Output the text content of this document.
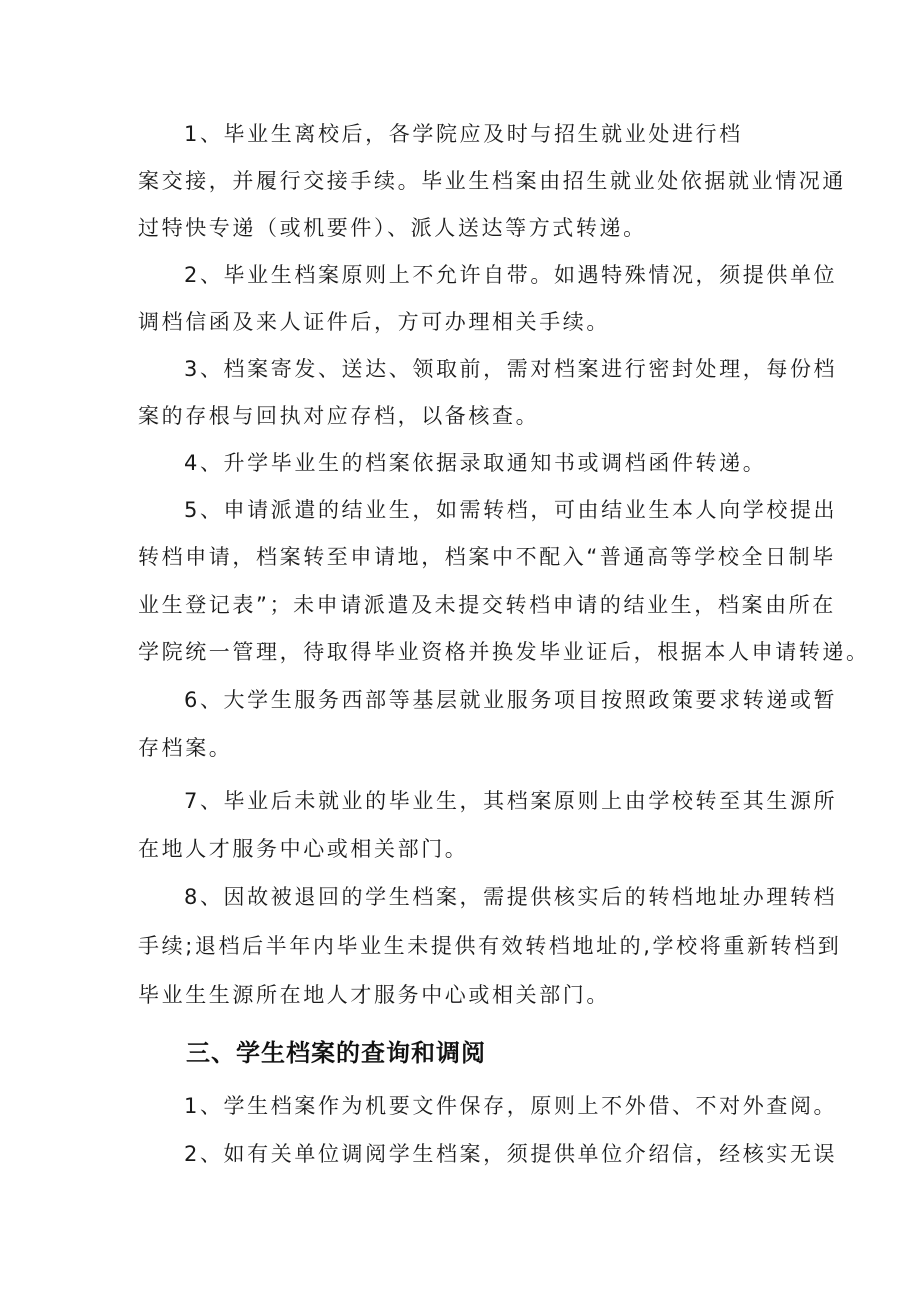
1、毕业生离校后，各学院应及时与招生就业处进行档

案交接，并履行交接手续。毕业生档案由招生就业处依据就业情况通

过特快专递（或机要件）、派人送达等方式转递。

2、毕业生档案原则上不允许自带。如遇特殊情况，须提供单位

调档信函及来人证件后，方可办理相关手续。

3、档案寄发、送达、领取前，需对档案进行密封处理，每份档

案的存根与回执对应存档，以备核查。

4、升学毕业生的档案依据录取通知书或调档函件转递。

5、申请派遣的结业生，如需转档，可由结业生本人向学校提出

转档申请，档案转至申请地，档案中不配入“普通高等学校全日制毕

业生登记表”；未申请派遣及未提交转档申请的结业生，档案由所在

学院统一管理，待取得毕业资格并换发毕业证后，根据本人申请转递。

6、大学生服务西部等基层就业服务项目按照政策要求转递或暂

存档案。

7、毕业后未就业的毕业生，其档案原则上由学校转至其生源所

在地人才服务中心或相关部门。

8、因故被退回的学生档案，需提供核实后的转档地址办理转档

手续;退档后半年内毕业生未提供有效转档地址的,学校将重新转档到

毕业生生源所在地人才服务中心或相关部门。

三、学生档案的查询和调阅

1、学生档案作为机要文件保存，原则上不外借、不对外查阅。

2、如有关单位调阅学生档案，须提供单位介绍信，经核实无误
